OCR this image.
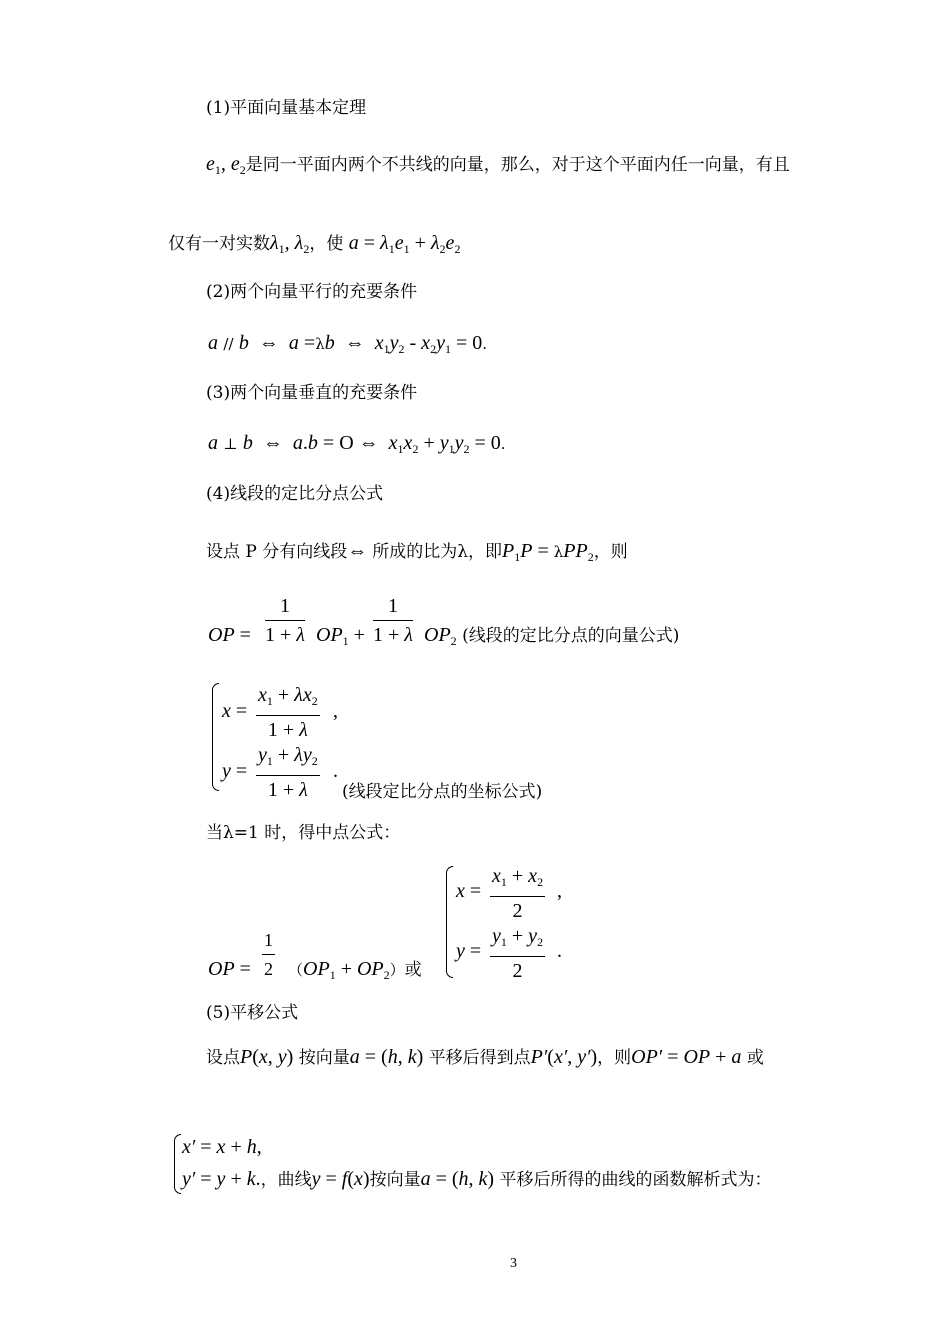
(1)平面向量基本定理
$e_1$, $e_2$是同一平面内两个不共线的向量，那么，对于这个平面内任一向量，有且
仅有一对实数$\lambda_1$, $\lambda_2$，使 $a = \lambda_1e_1 + \lambda_2e_2$
(2)两个向量平行的充要条件
a // b  ⇔  a =λb  ⇔  $x_1y_2 - x_2y_1 = 0$.
(3)两个向量垂直的充要条件
a ⊥ b  ⇔  a.b = O ⇔  $x_1x_2 + y_1y_2 = 0$.
(4)线段的定比分点公式
设点 P 分有向线段⇔ 所成的比为λ，即$P_1P = \lambda PP_2$，则
OP = $\frac{1}{1 + \lambda} OP_1 + \frac{1}{1 + \lambda} OP_2$ (线段的定比分点的向量公式)
$x = \frac{x_1 + \lambda x_2}{1 + \lambda}$ ,
$y = \frac{y_1 + \lambda y_2}{1 + \lambda}$ .
(线段定比分点的坐标公式)
当λ=1 时，得中点公式：
OP = $\frac{1}{2} (OP_1 + OP_2)$或
$x = \frac{x_1 + x_2}{2}$ ,
$y = \frac{y_1 + y_2}{2}$ .
(5)平移公式
设点P(x, y) 按向量a = (h, k) 平移后得到点P′(x′, y′)，则OP′ = OP + a 或
x′ = x + h,
y′ = y + k.，曲线y = f(x)按向量a = (h, k) 平移后所得的曲线的函数解析式为：
3
